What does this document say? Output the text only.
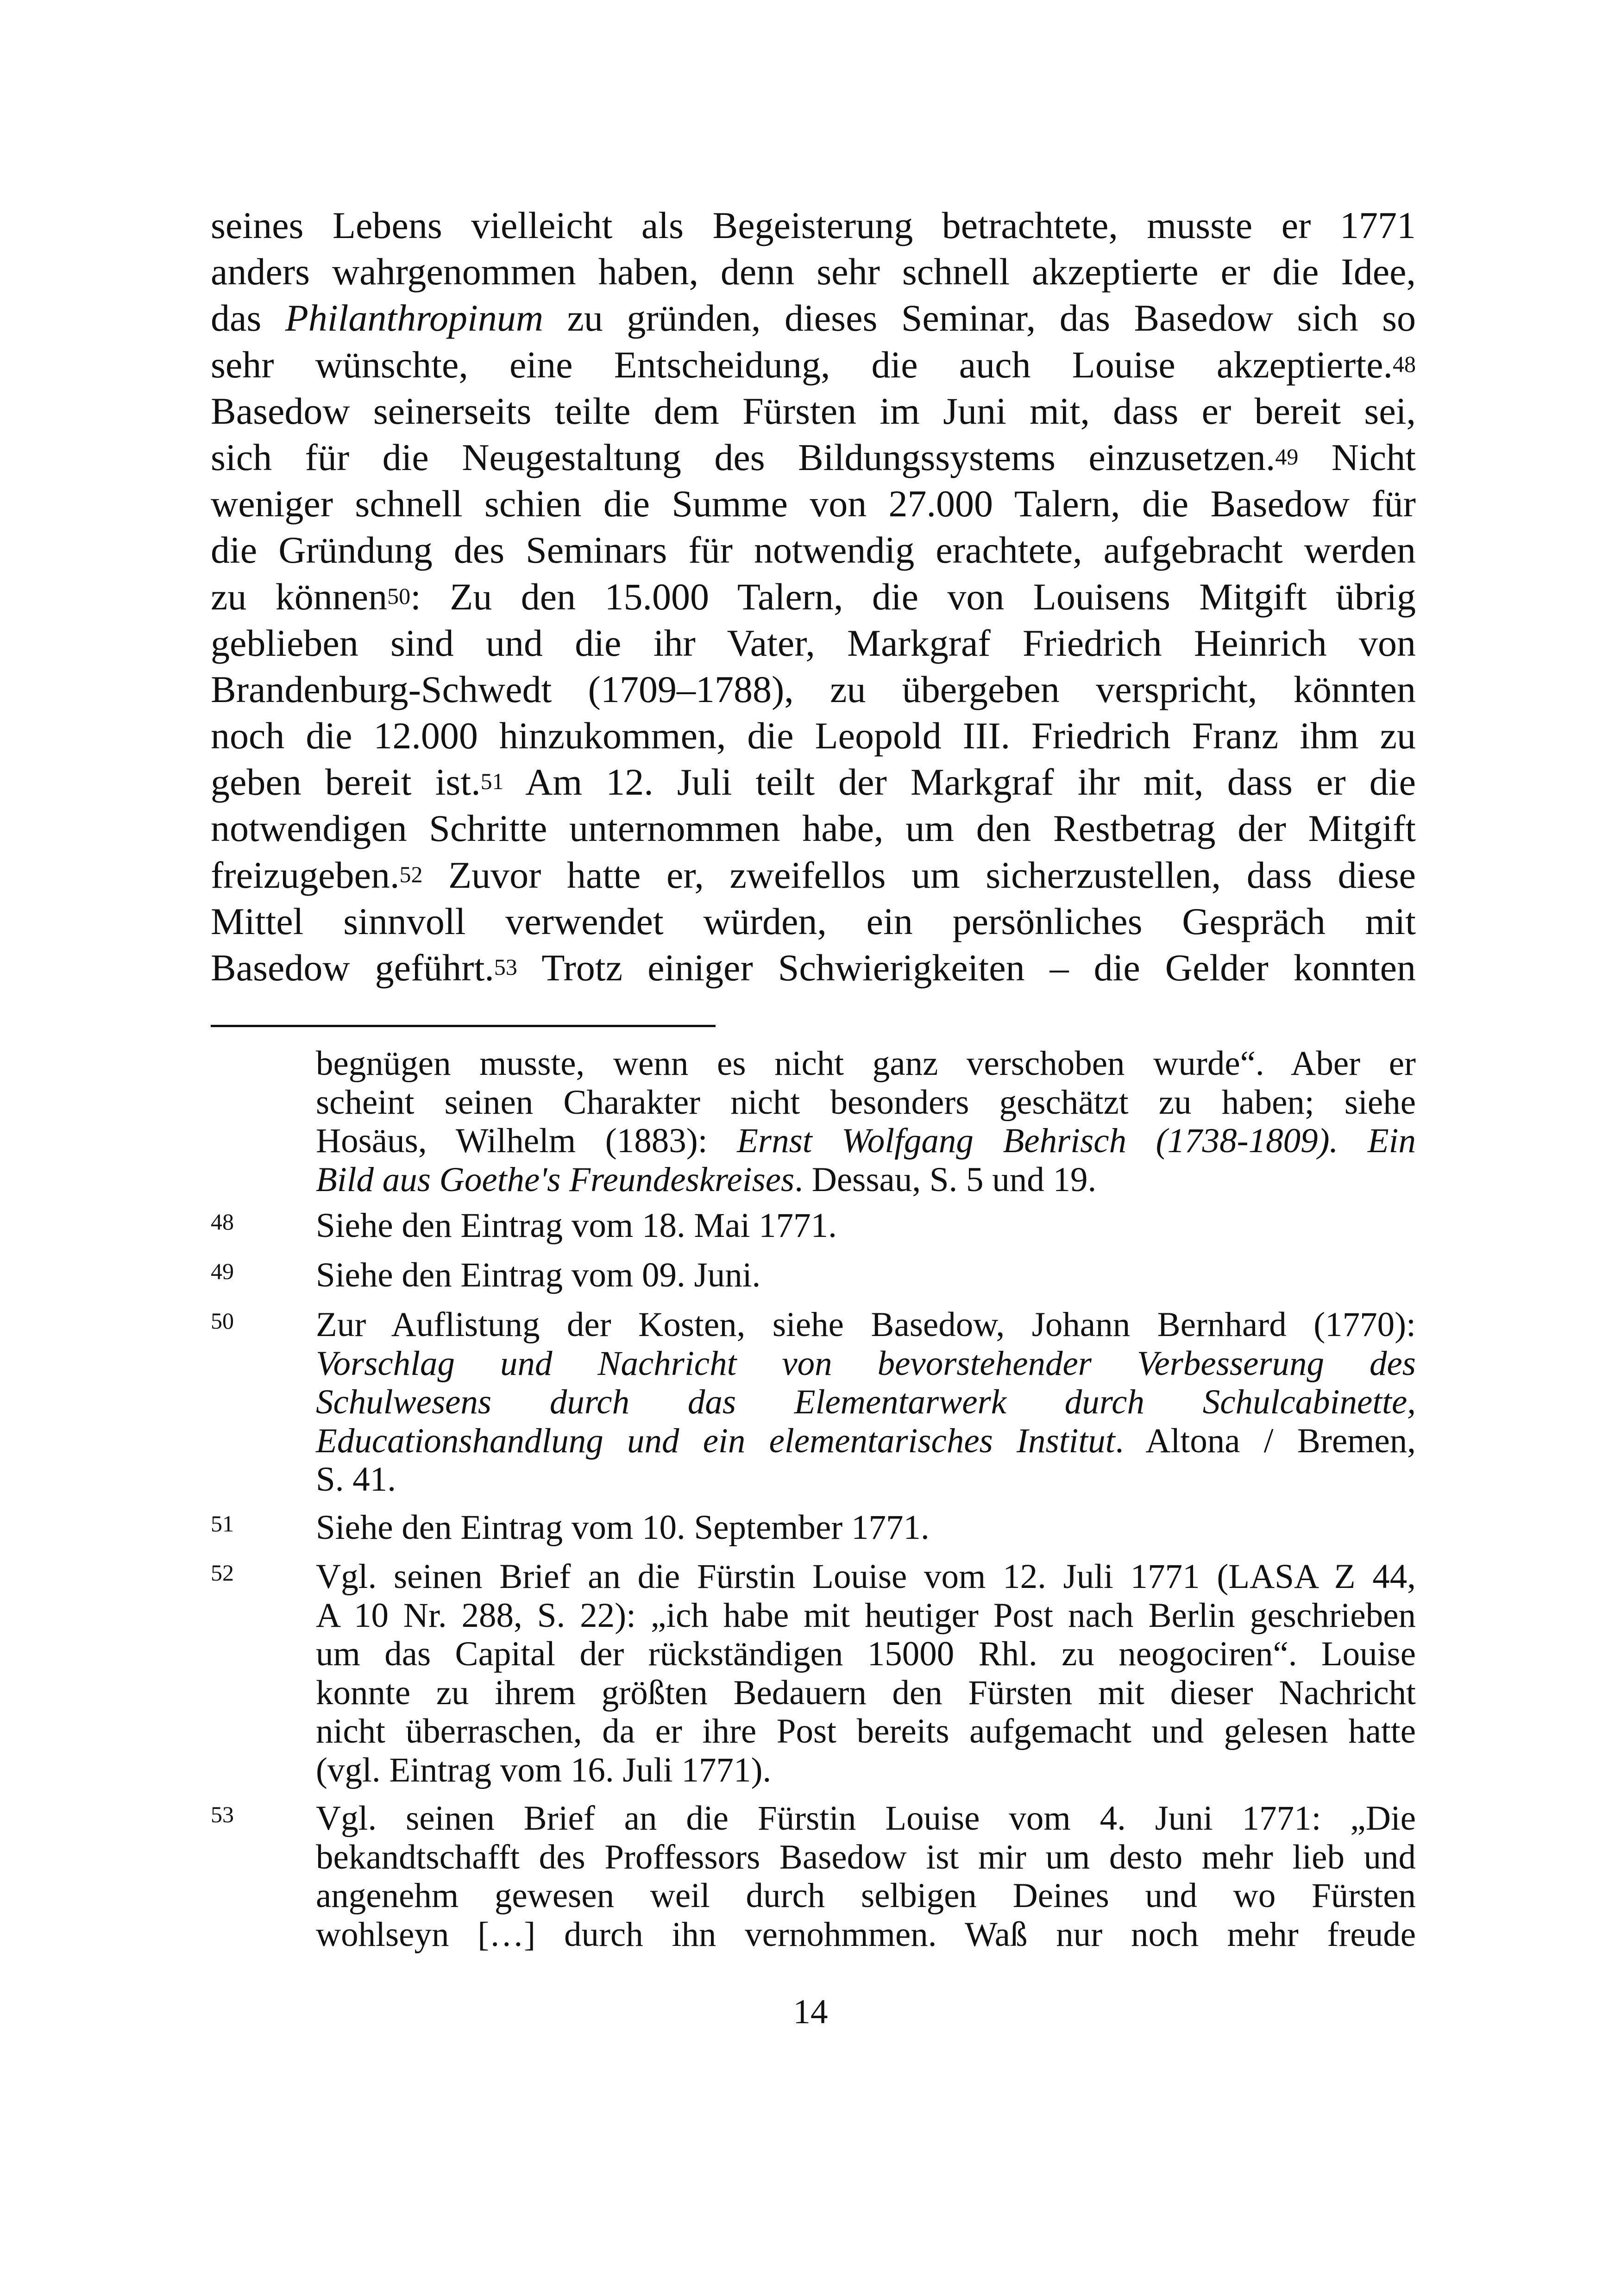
seines Lebens vielleicht als Begeisterung betrachtete, musste er 1771
anders wahrgenommen haben, denn sehr schnell akzeptierte er die Idee,
das Philanthropinum zu gründen, dieses Seminar, das Basedow sich so
sehr wünschte, eine Entscheidung, die auch Louise akzeptierte.$^{48}$
Basedow seinerseits teilte dem Fürsten im Juni mit, dass er bereit sei,
sich für die Neugestaltung des Bildungssystems einzusetzen.$^{49}$ Nicht
weniger schnell schien die Summe von 27.000 Talern, die Basedow für
die Gründung des Seminars für notwendig erachtete, aufgebracht werden
zu können$^{50}$: Zu den 15.000 Talern, die von Louisens Mitgift übrig
geblieben sind und die ihr Vater, Markgraf Friedrich Heinrich von
Brandenburg-Schwedt (1709–1788), zu übergeben verspricht, könnten
noch die 12.000 hinzukommen, die Leopold III. Friedrich Franz ihm zu
geben bereit ist.$^{51}$ Am 12. Juli teilt der Markgraf ihr mit, dass er die
notwendigen Schritte unternommen habe, um den Restbetrag der Mitgift
freizugeben.$^{52}$ Zuvor hatte er, zweifellos um sicherzustellen, dass diese
Mittel sinnvoll verwendet würden, ein persönliches Gespräch mit
Basedow geführt.$^{53}$ Trotz einiger Schwierigkeiten – die Gelder konnten
begnügen musste, wenn es nicht ganz verschoben wurde“. Aber er
scheint seinen Charakter nicht besonders geschätzt zu haben; siehe
Hosäus, Wilhelm (1883): Ernst Wolfgang Behrisch (1738-1809). Ein
Bild aus Goethe's Freundeskreises. Dessau, S. 5 und 19.
48	Siehe den Eintrag vom 18. Mai 1771.
49	Siehe den Eintrag vom 09. Juni.
50	Zur Auflistung der Kosten, siehe Basedow, Johann Bernhard (1770):
Vorschlag und Nachricht von bevorstehender Verbesserung des
Schulwesens durch das Elementarwerk durch Schulcabinette,
Educationshandlung und ein elementarisches Institut. Altona / Bremen,
S. 41.
51	Siehe den Eintrag vom 10. September 1771.
52	Vgl. seinen Brief an die Fürstin Louise vom 12. Juli 1771 (LASA Z 44,
A 10 Nr. 288, S. 22): „ich habe mit heutiger Post nach Berlin geschrieben
um das Capital der rückständigen 15000 Rhl. zu neogociren“. Louise
konnte zu ihrem größten Bedauern den Fürsten mit dieser Nachricht
nicht überraschen, da er ihre Post bereits aufgemacht und gelesen hatte
(vgl. Eintrag vom 16. Juli 1771).
53	Vgl. seinen Brief an die Fürstin Louise vom 4. Juni 1771: „Die
bekandtschafft des Proffessors Basedow ist mir um desto mehr lieb und
angenehm gewesen weil durch selbigen Deines und wo Fürsten
wohlseyn […] durch ihn vernohmmen. Waß nur noch mehr freude
14
